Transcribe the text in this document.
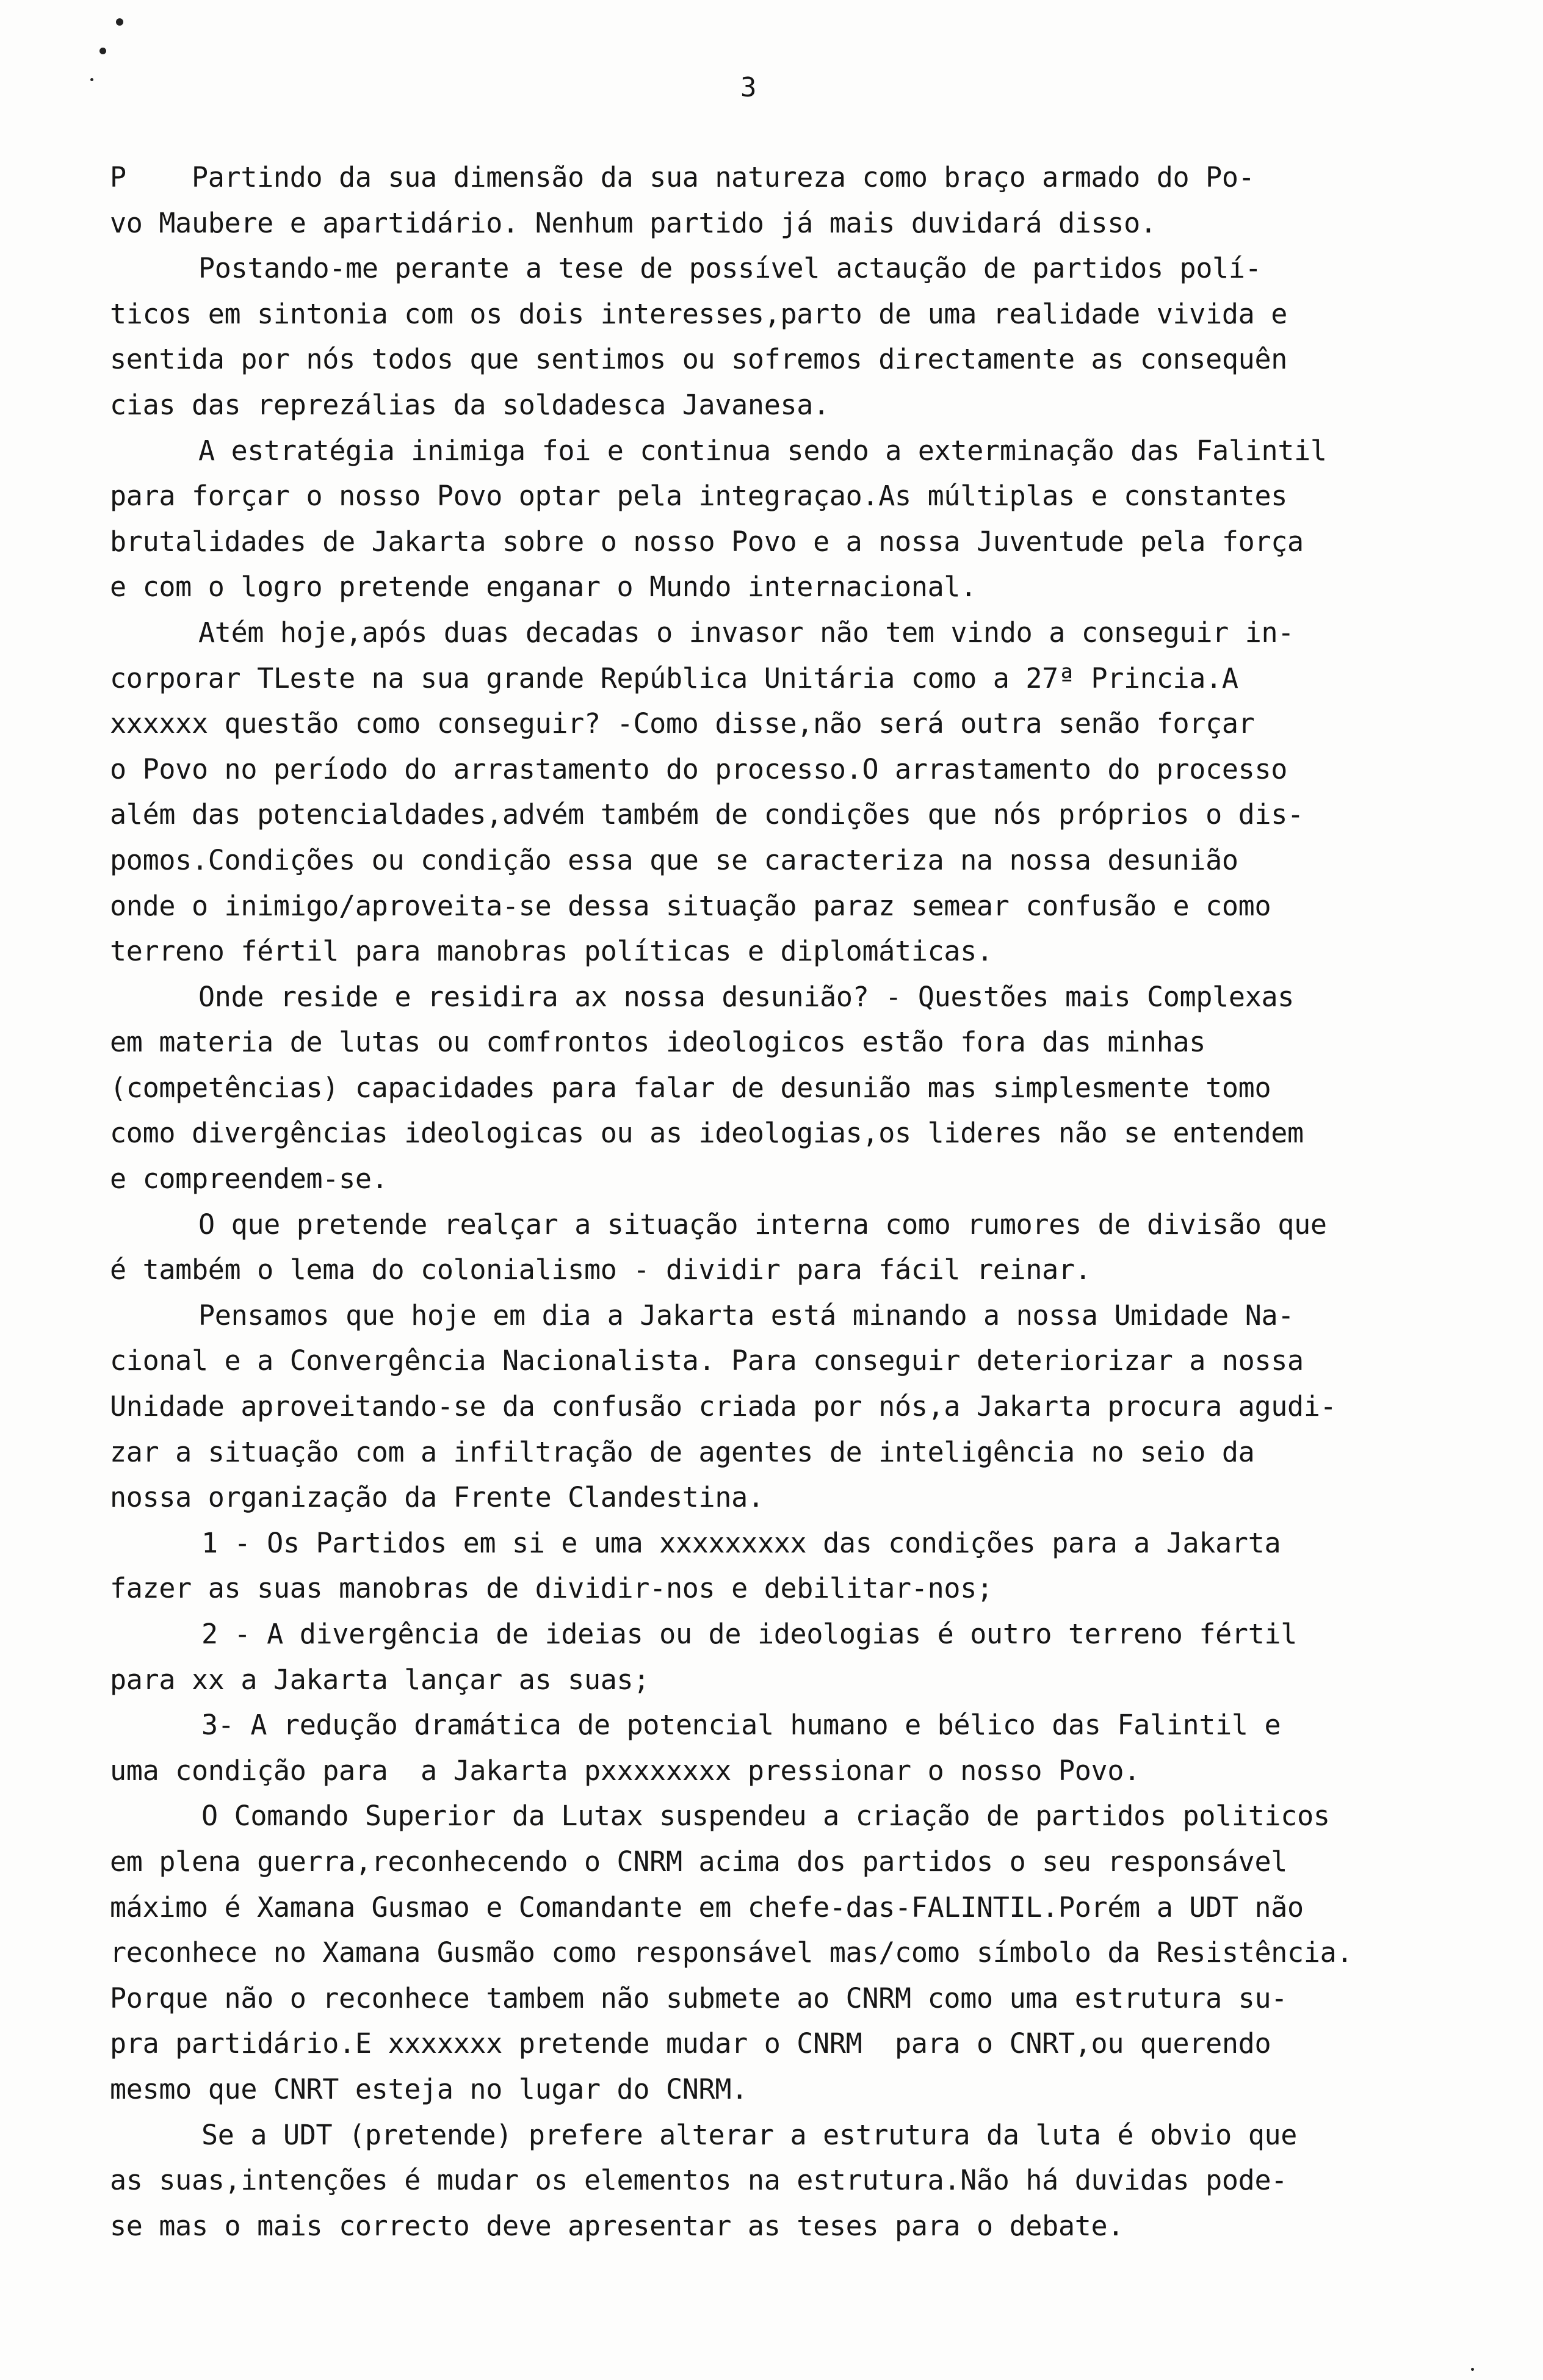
3
P    Partindo da sua dimensão da sua natureza como braço armado do Po-
vo Maubere e apartidário. Nenhum partido já mais duvidará disso.
Postando-me perante a tese de possível actaução de partidos polí-
ticos em sintonia com os dois interesses,parto de uma realidade vivida e
sentida por nós todos que sentimos ou sofremos directamente as consequên
cias das reprezálias da soldadesca Javanesa.
A estratégia inimiga foi e continua sendo a exterminação das Falintil
para forçar o nosso Povo optar pela integraçao.As múltiplas e constantes
brutalidades de Jakarta sobre o nosso Povo e a nossa Juventude pela força
e com o logro pretende enganar o Mundo internacional.
Atém hoje,após duas decadas o invasor não tem vindo a conseguir in-
corporar TLeste na sua grande República Unitária como a 27ª Princia.A
xxxxxx questão como conseguir? -Como disse,não será outra senão forçar
o Povo no período do arrastamento do processo.O arrastamento do processo
além das potencialdades,advém também de condições que nós próprios o dis-
pomos.Condições ou condição essa que se caracteriza na nossa desunião
onde o inimigo/aproveita-se dessa situação paraz semear confusão e como
terreno fértil para manobras políticas e diplomáticas.
Onde reside e residira ax nossa desunião? - Questões mais Complexas
em materia de lutas ou comfrontos ideologicos estão fora das minhas
(competências) capacidades para falar de desunião mas simplesmente tomo
como divergências ideologicas ou as ideologias,os lideres não se entendem
e compreendem-se.
O que pretende realçar a situação interna como rumores de divisão que
é também o lema do colonialismo - dividir para fácil reinar.
Pensamos que hoje em dia a Jakarta está minando a nossa Umidade Na-
cional e a Convergência Nacionalista. Para conseguir deteriorizar a nossa
Unidade aproveitando-se da confusão criada por nós,a Jakarta procura agudi-
zar a situação com a infiltração de agentes de inteligência no seio da
nossa organização da Frente Clandestina.
1 - Os Partidos em si e uma xxxxxxxxx das condições para a Jakarta
fazer as suas manobras de dividir-nos e debilitar-nos;
2 - A divergência de ideias ou de ideologias é outro terreno fértil
para xx a Jakarta lançar as suas;
3- A redução dramática de potencial humano e bélico das Falintil e
uma condição para  a Jakarta pxxxxxxxx pressionar o nosso Povo.
O Comando Superior da Lutax suspendeu a criação de partidos politicos
em plena guerra,reconhecendo o CNRM acima dos partidos o seu responsável
máximo é Xamana Gusmao e Comandante em chefe-das-FALINTIL.Porém a UDT não
reconhece no Xamana Gusmão como responsável mas/como símbolo da Resistência.
Porque não o reconhece tambem não submete ao CNRM como uma estrutura su-
pra partidário.E xxxxxxx pretende mudar o CNRM  para o CNRT,ou querendo
mesmo que CNRT esteja no lugar do CNRM.
Se a UDT (pretende) prefere alterar a estrutura da luta é obvio que
as suas,intenções é mudar os elementos na estrutura.Não há duvidas pode-
se mas o mais correcto deve apresentar as teses para o debate.
